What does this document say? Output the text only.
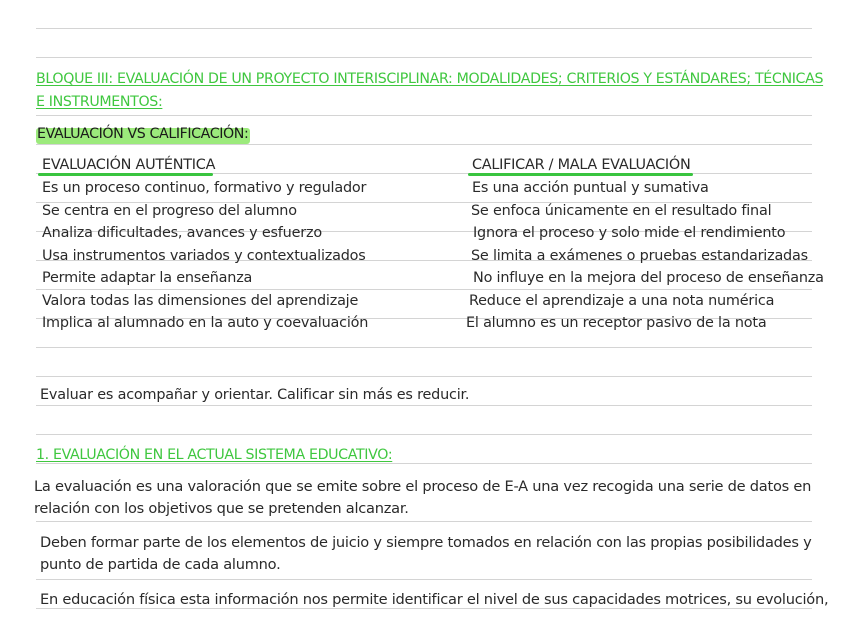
BLOQUE III: EVALUACIÓN DE UN PROYECTO INTERISCIPLINAR: MODALIDADES; CRITERIOS Y ESTÁNDARES; TÉCNICAS
E INSTRUMENTOS:
EVALUACIÓN VS CALIFICACIÓN:
EVALUACIÓN AUTÉNTICA	CALIFICAR / MALA EVALUACIÓN
Es un proceso continuo, formativo y regulador
Se centra en el progreso del alumno
Analiza dificultades, avances y esfuerzo
Usa instrumentos variados y contextualizados
Permite adaptar la enseñanza
Valora todas las dimensiones del aprendizaje
Implica al alumnado en la auto y coevaluación
Es una acción puntual y sumativa
Se enfoca únicamente en el resultado final
Ignora el proceso y solo mide el rendimiento
Se limita a exámenes o pruebas estandarizadas
No influye en la mejora del proceso de enseñanza
Reduce el aprendizaje a una nota numérica
El alumno es un receptor pasivo de la nota
Evaluar es acompañar y orientar. Calificar sin más es reducir.
1. EVALUACIÓN EN EL ACTUAL SISTEMA EDUCATIVO:
La evaluación es una valoración que se emite sobre el proceso de E-A una vez recogida una serie de datos en
relación con los objetivos que se pretenden alcanzar.
Deben formar parte de los elementos de juicio y siempre tomados en relación con las propias posibilidades y
punto de partida de cada alumno.
En educación física esta información nos permite identificar el nivel de sus capacidades motrices, su evolución,
